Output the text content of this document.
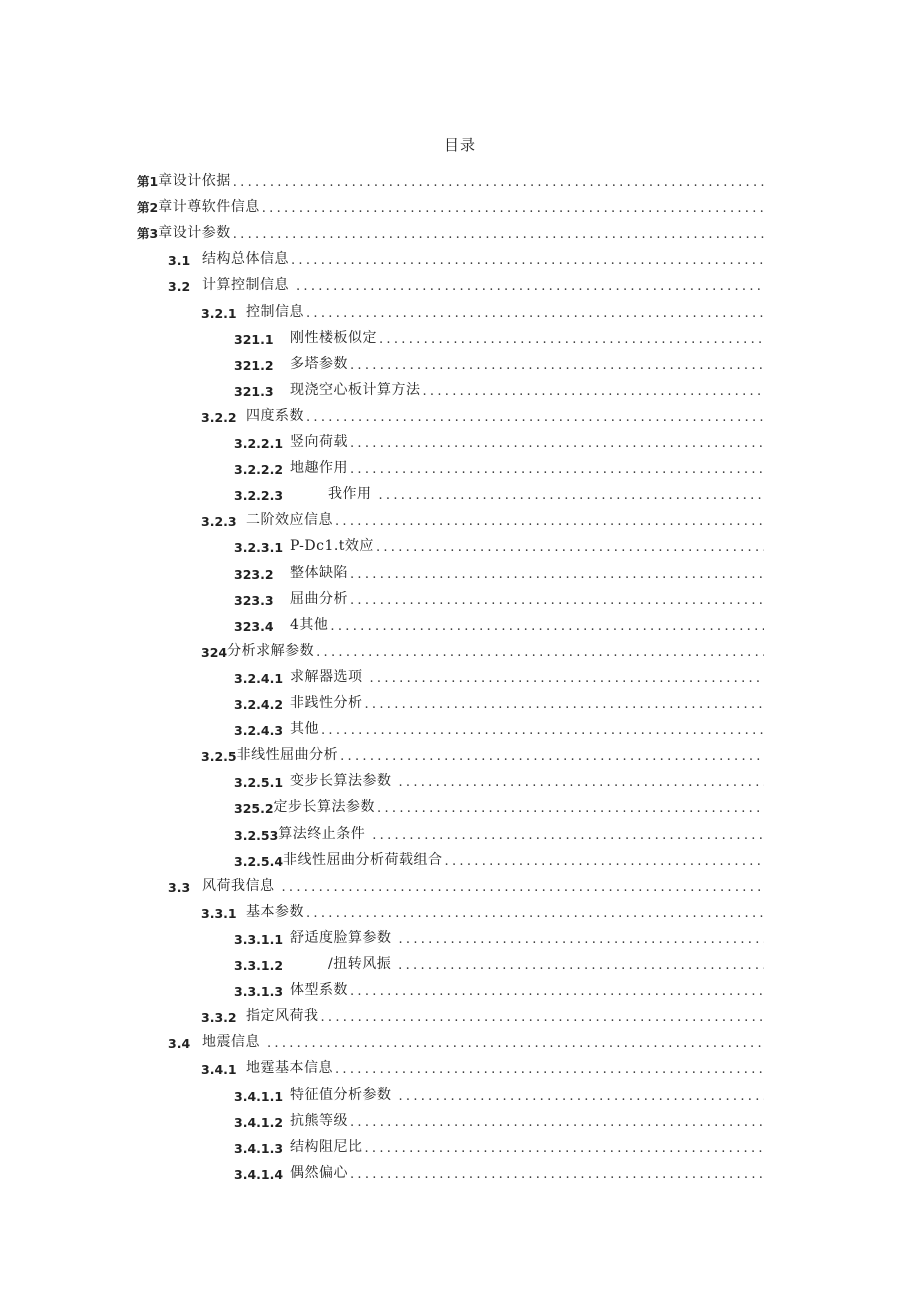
目录
第1 章设计依据
.....
第2 章计尊软件信息
.....
第3 章设计参数
.....
3.1 结构总体信息
.....
3.2 计算控制信息
.....
3.2.1 控制信息
.....
321.1	刚性楼板似定
.....
321.2	多塔参数
.....
321.3	现浇空心板计算方法
.....
3.2.2 四度系数
.....
3.2.2.1 竖向荷载
.....
3.2.2.2 地趣作用
.....
3.2.2.3	我作用
.....
3.2.3 二阶效应信息
.....
3.2.3.1 P-Dc1.t效应
.....
323.2	整体缺陷
.....
323.3	屈曲分析
.....
323.4	4其他
.....
324 分析求解参数
.....
3.2.4.1 求解器选项
.....
3.2.4.2 非践性分析
.....
3.2.4.3 其他
.....
3.2.5 非线性屈曲分析
.....
3.2.5.1 变步长算法参数
.....
325.2 定步长算法参数
.....
3.2.53 算法终止条件
.....
3.2.5.4 非线性屈曲分析荷载组合
.....
3.3 风荷我信息
.....
3.3.1 基本参数
.....
3.3.1.1 舒适度脸算参数
.....
3.3.1.2	/扭转风振
.....
3.3.1.3 体型系数
.....
3.3.2 指定风荷我
.....
3.4 地震信息
.....
3.4.1 地霆基本信息
.....
3.4.1.1 特征值分析参数
.....
3.4.1.2 抗熊等级
.....
3.4.1.3 结构阻尼比
.....
3.4.1.4 偶然偏心
.....
